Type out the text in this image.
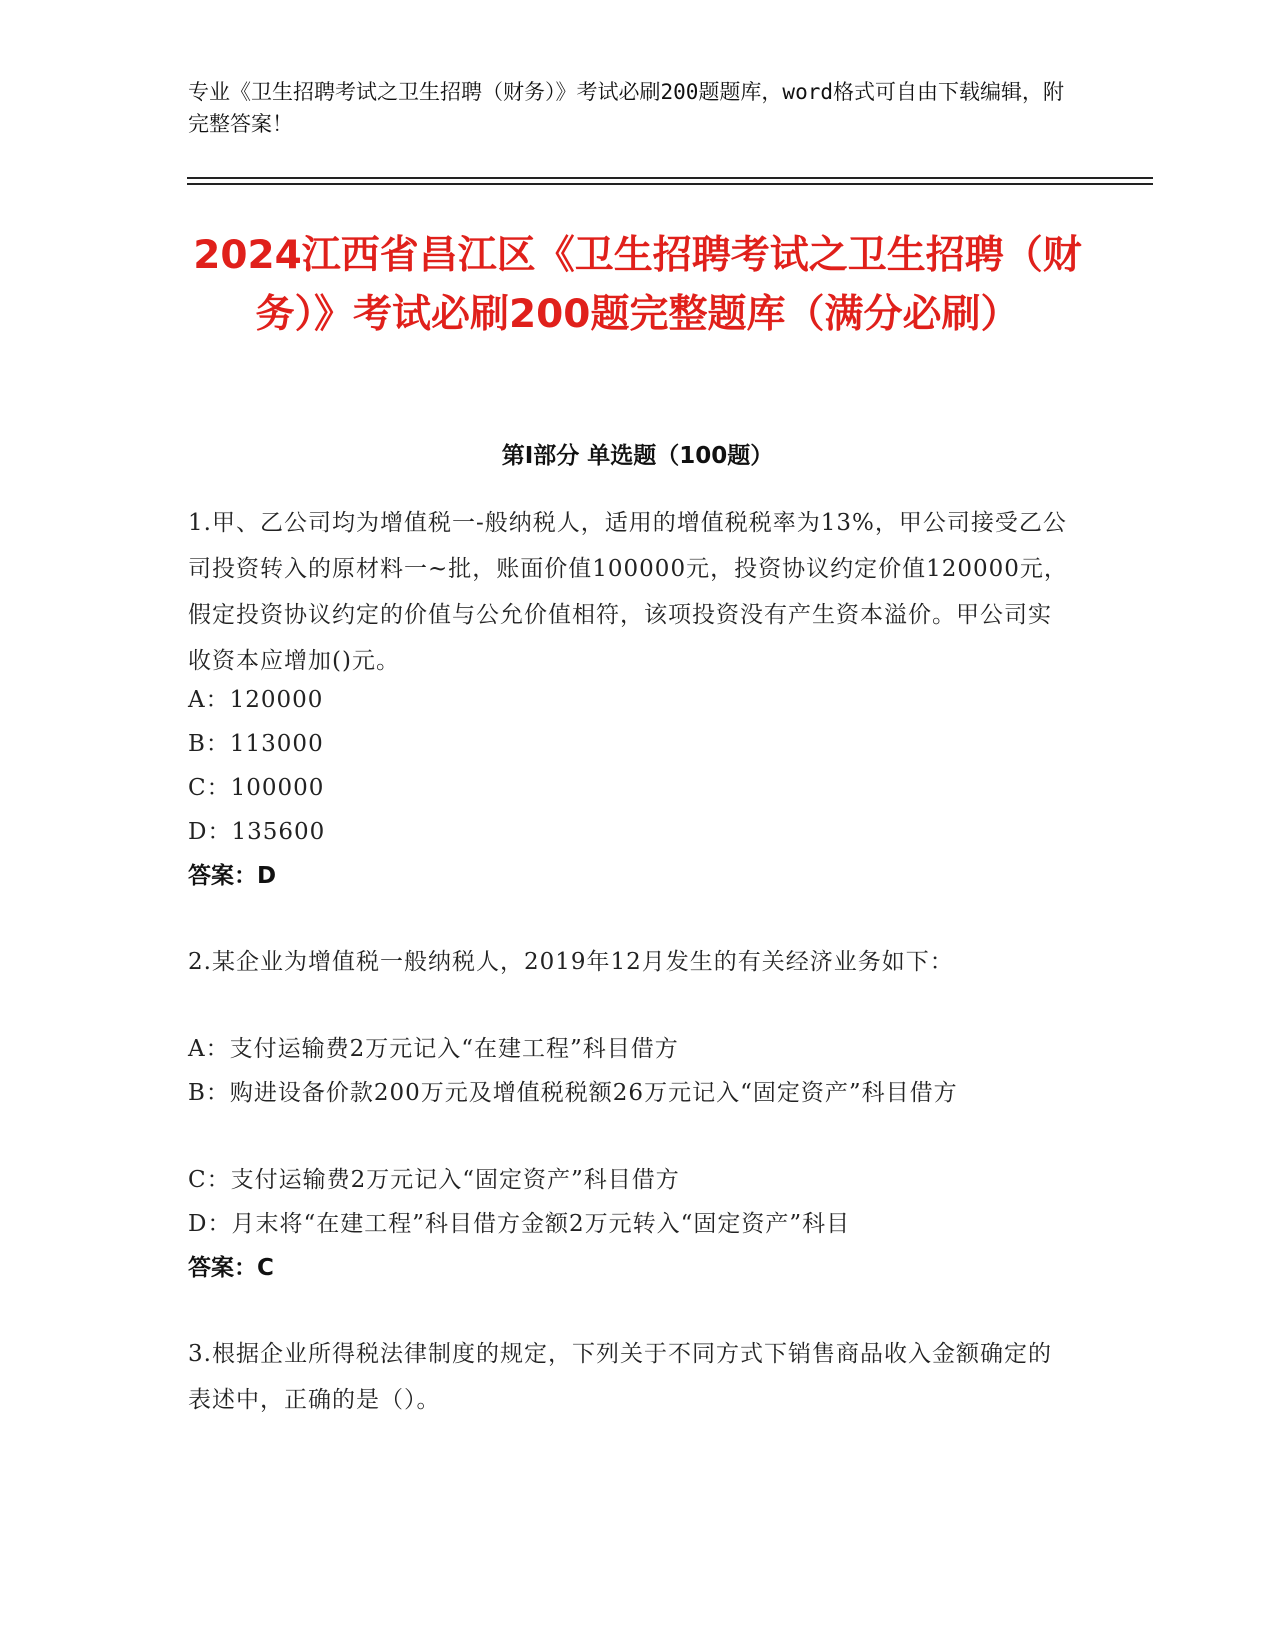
专业《卫生招聘考试之卫生招聘（财务）》考试必刷200题题库，word格式可自由下载编辑，附完整答案！
2024江西省昌江区《卫生招聘考试之卫生招聘（财务）》考试必刷200题完整题库（满分必刷）
第I部分 单选题（100题）
1.甲、乙公司均为增值税一-般纳税人，适用的增值税税率为13%，甲公司接受乙公司投资转入的原材料一~批，账面价值100000元，投资协议约定价值120000元，假定投资协议约定的价值与公允价值相符，该项投资没有产生资本溢价。甲公司实收资本应增加()元。
A：120000
B：113000
C：100000
D：135600
答案：D
2.某企业为增值税一般纳税人，2019年12月发生的有关经济业务如下：
A：支付运输费2万元记入“在建工程”科目借方
B：购进设备价款200万元及增值税税额26万元记入“固定资产”科目借方
C：支付运输费2万元记入“固定资产”科目借方
D：月末将“在建工程”科目借方金额2万元转入“固定资产”科目
答案：C
3.根据企业所得税法律制度的规定，下列关于不同方式下销售商品收入金额确定的表述中，正确的是（）。
